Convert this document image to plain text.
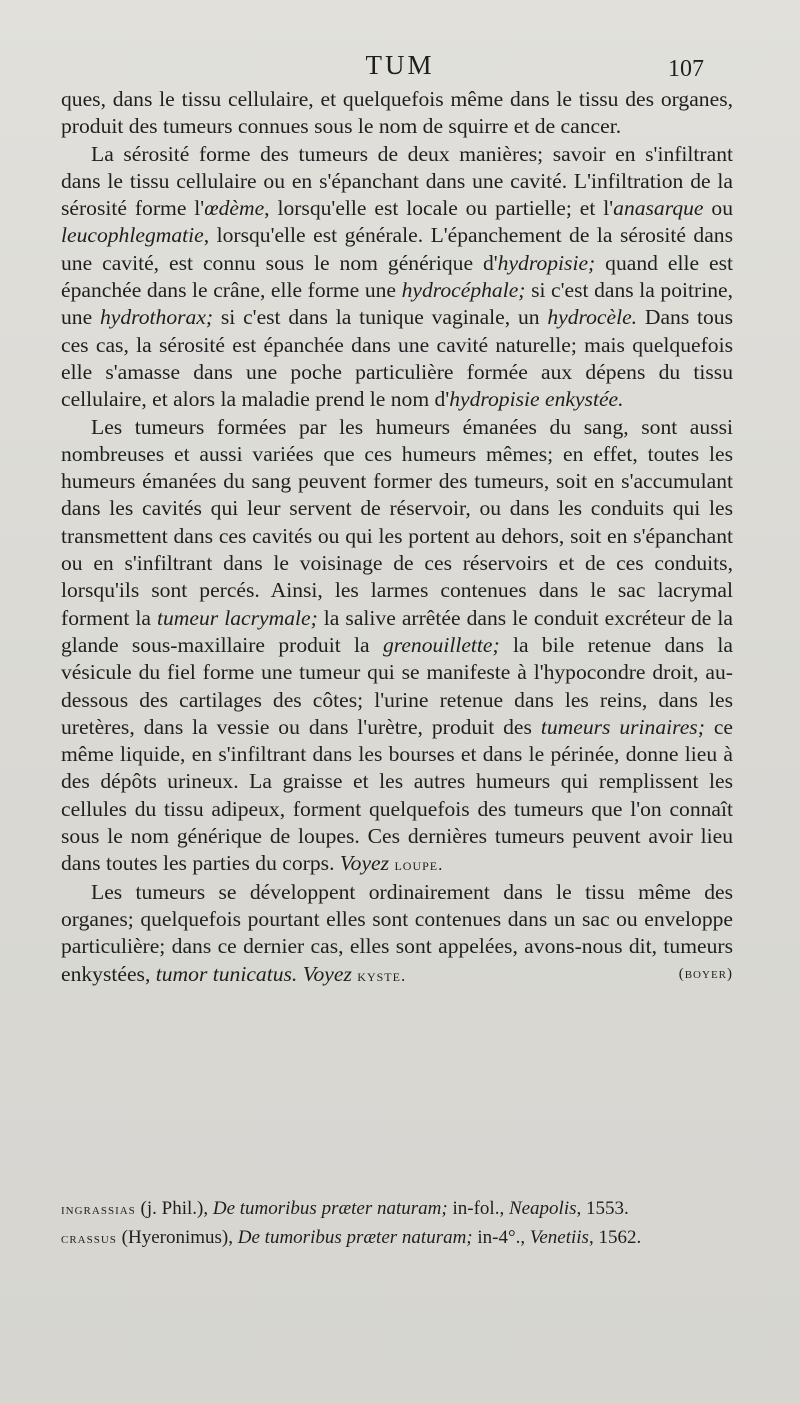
TUM	107

ques, dans le tissu cellulaire, et quelquefois même dans le tissu des organes, produit des tumeurs connues sous le nom de squirre et de cancer.

La sérosité forme des tumeurs de deux manières; savoir en s'infiltrant dans le tissu cellulaire ou en s'épanchant dans une cavité. L'infiltration de la sérosité forme l'œdème, lorsqu'elle est locale ou partielle; et l'anasarque ou leucophlegmatie, lorsqu'elle est générale. L'épanchement de la sérosité dans une cavité, est connu sous le nom générique d'hydropisie; quand elle est épanchée dans le crâne, elle forme une hydrocéphale; si c'est dans la poitrine, une hydrothorax; si c'est dans la tunique vaginale, un hydrocèle. Dans tous ces cas, la sérosité est épanchée dans une cavité naturelle; mais quelquefois elle s'amasse dans une poche particulière formée aux dépens du tissu cellulaire, et alors la maladie prend le nom d'hydropisie enkystée.

Les tumeurs formées par les humeurs émanées du sang, sont aussi nombreuses et aussi variées que ces humeurs mêmes; en effet, toutes les humeurs émanées du sang peuvent former des tumeurs, soit en s'accumulant dans les cavités qui leur servent de réservoir, ou dans les conduits qui les transmettent dans ces cavités ou qui les portent au dehors, soit en s'épanchant ou en s'infiltrant dans le voisinage de ces réservoirs et de ces conduits, lorsqu'ils sont percés. Ainsi, les larmes contenues dans le sac lacrymal forment la tumeur lacrymale; la salive arrêtée dans le conduit excréteur de la glande sous-maxillaire produit la grenouillette; la bile retenue dans la vésicule du fiel forme une tumeur qui se manifeste à l'hypocondre droit, au-dessous des cartilages des côtes; l'urine retenue dans les reins, dans les uretères, dans la vessie ou dans l'urètre, produit des tumeurs urinaires; ce même liquide, en s'infiltrant dans les bourses et dans le périnée, donne lieu à des dépôts urineux. La graisse et les autres humeurs qui remplissent les cellules du tissu adipeux, forment quelquefois des tumeurs que l'on connaît sous le nom générique de loupes. Ces dernières tumeurs peuvent avoir lieu dans toutes les parties du corps. Voyez loupe.

Les tumeurs se développent ordinairement dans le tissu même des organes; quelquefois pourtant elles sont contenues dans un sac ou enveloppe particulière; dans ce dernier cas, elles sont appelées, avons-nous dit, tumeurs enkystées, tumor tunicatus. Voyez kyste.	(boyer)

ingrassias (j. Phil.), De tumoribus præter naturam; in-fol., Neapolis, 1553.

crassus (Hyeronimus), De tumoribus præter naturam; in-4°., Venetiis, 1562.
